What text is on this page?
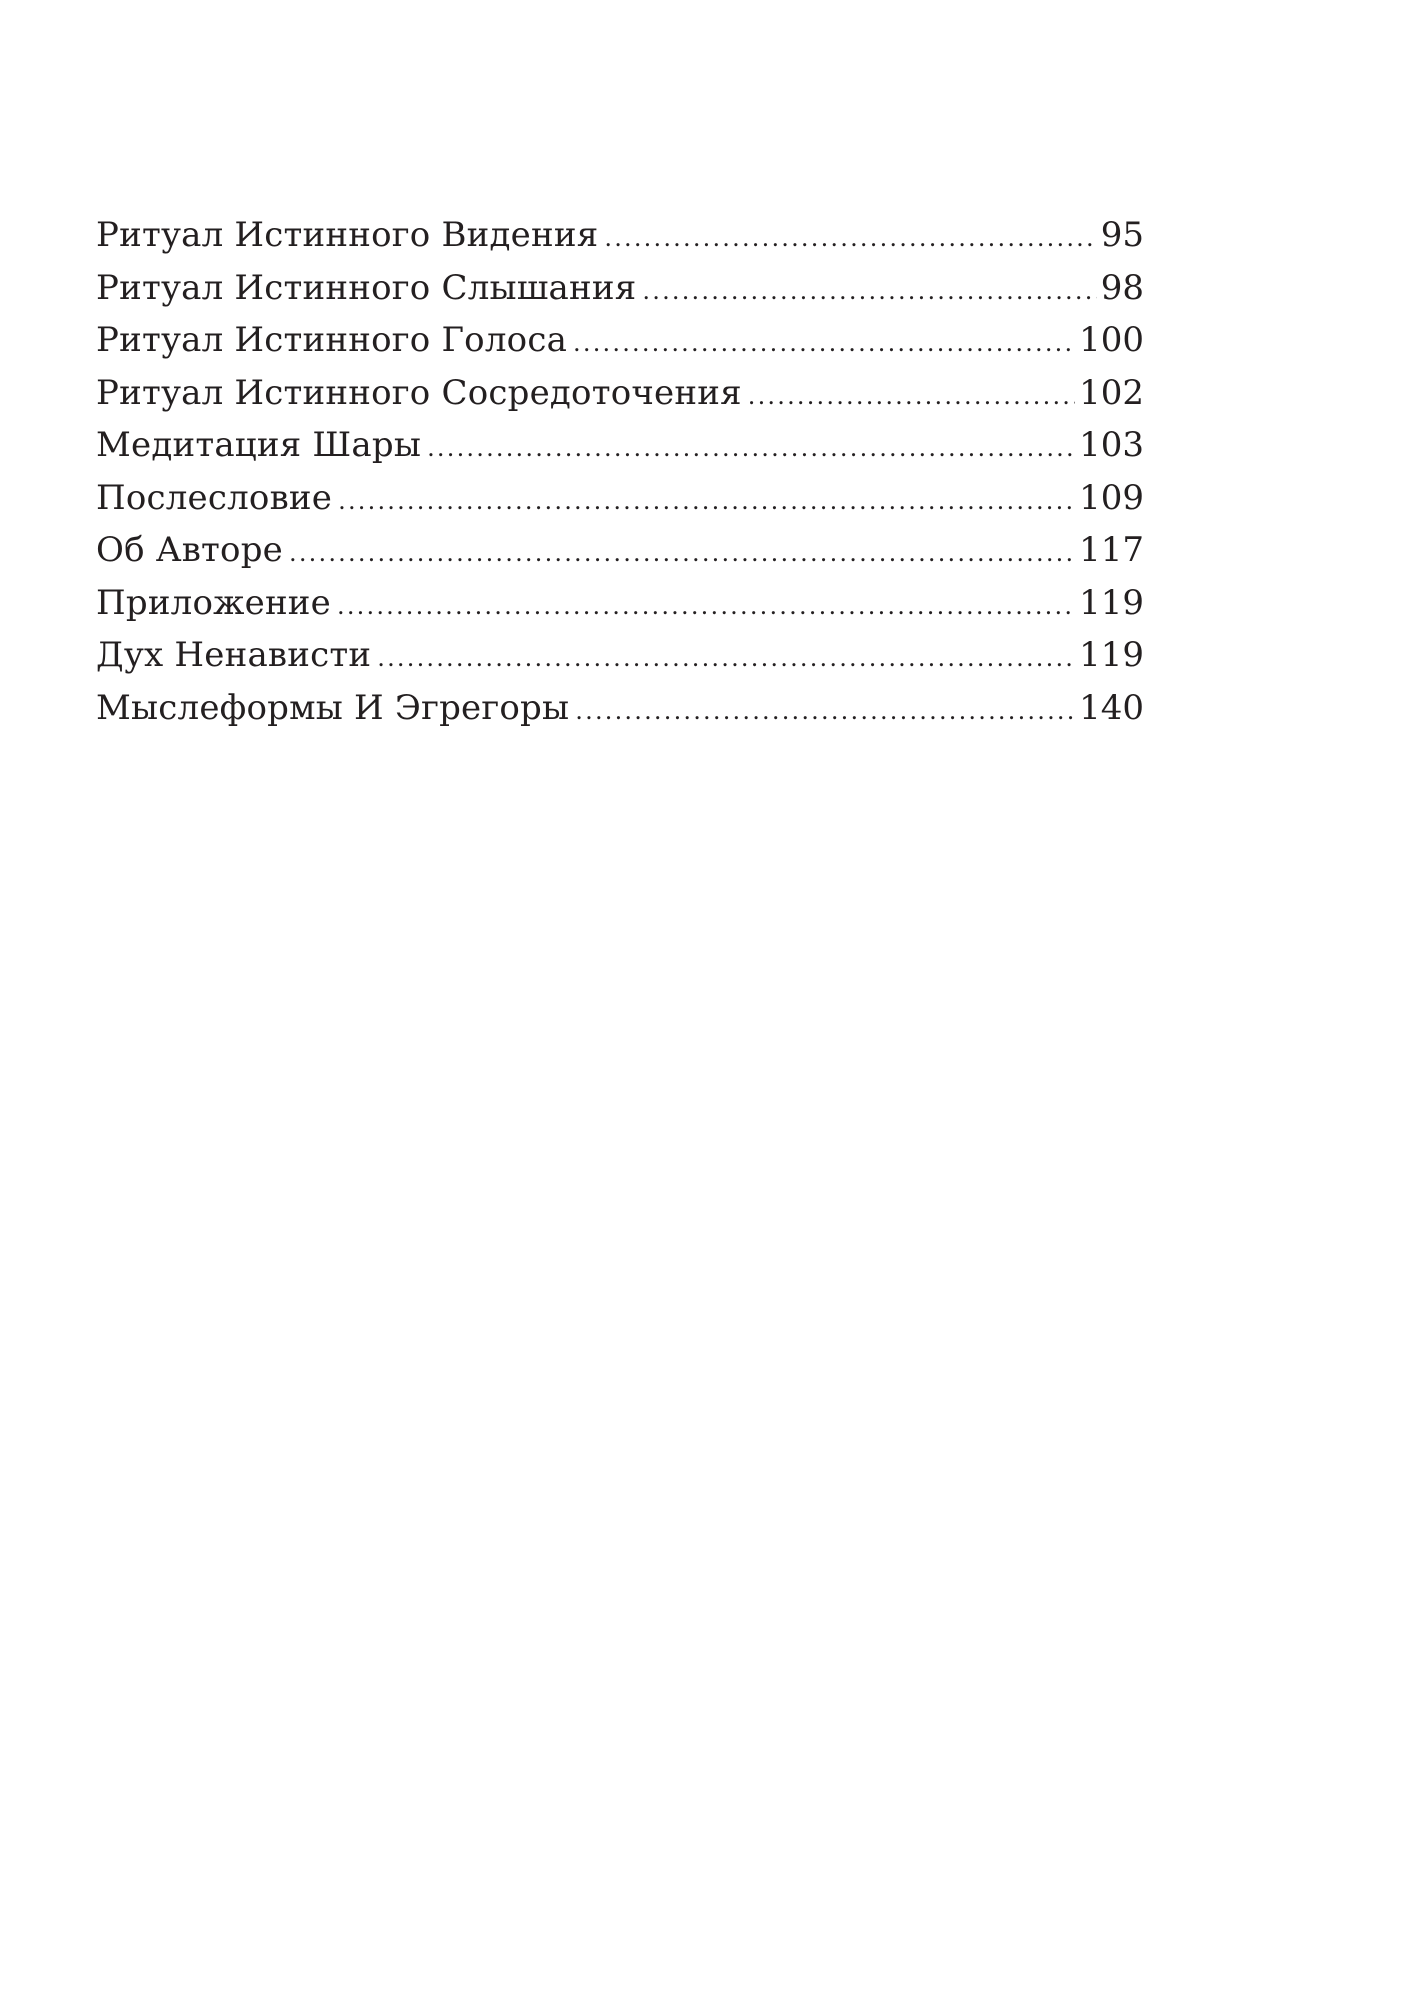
Ритуал Истинного Видения .....	95
Ритуал Истинного Слышания .....	98
Ритуал Истинного Голоса .....	100
Ритуал Истинного Сосредоточения .....	102
Медитация Шары .....	103
Послесловие .....	109
Об Авторе .....	117
Приложение .....	119
Дух Ненависти .....	119
Мыслеформы И Эгрегоры .....	140
